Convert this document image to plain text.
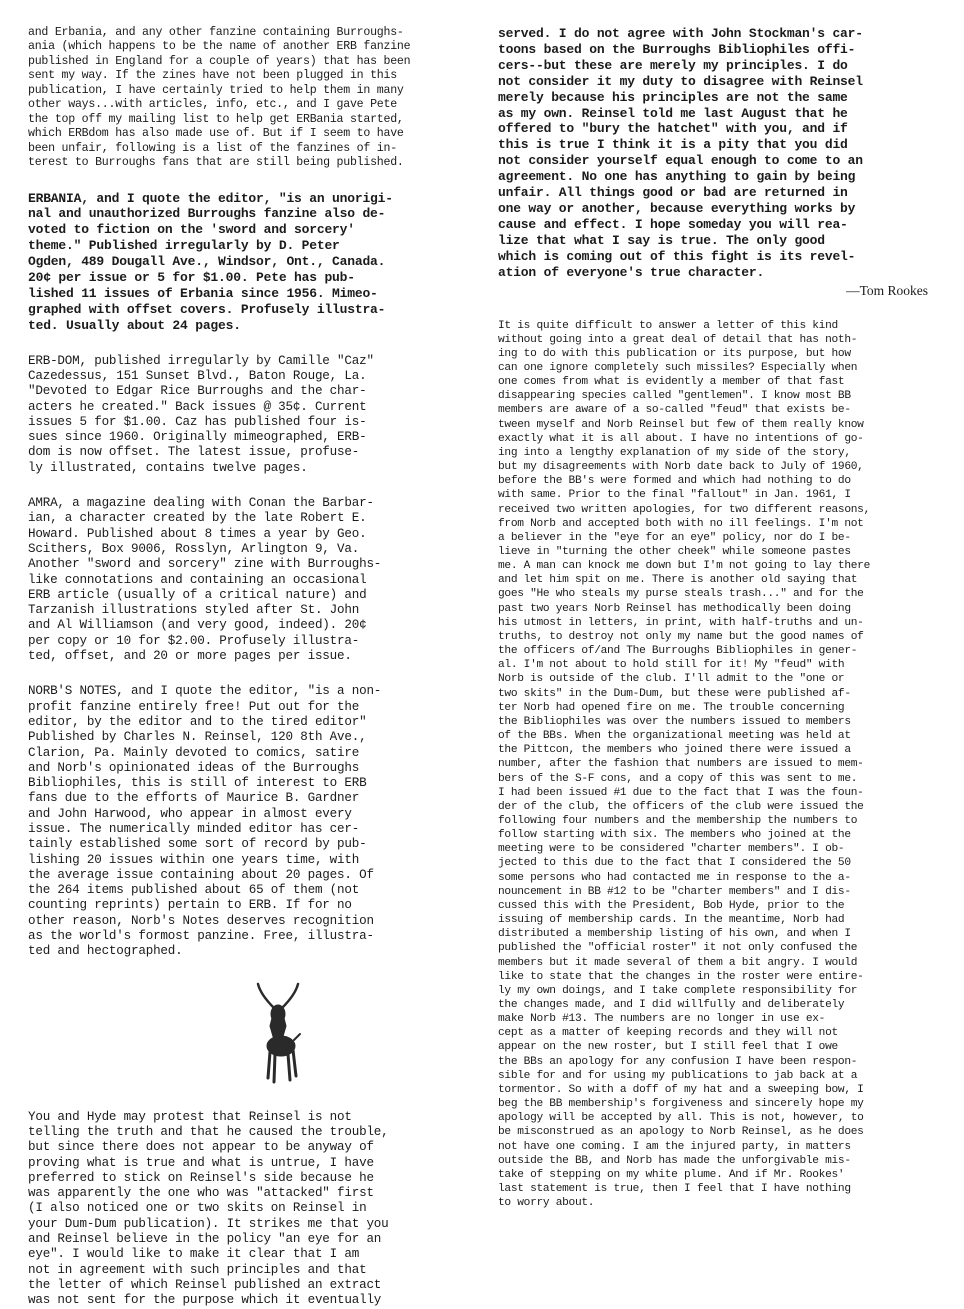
and Erbania, and any other fanzine containing Burroughs-
ania (which happens to be the name of another ERB fanzine
published in England for a couple of years) that has been
sent my way. If the zines have not been plugged in this
publication, I have certainly tried to help them in many
other ways...with articles, info, etc., and I gave Pete
the top off my mailing list to help get ERBania started,
which ERBdom has also made use of. But if I seem to have
been unfair, following is a list of the fanzines of in-
terest to Burroughs fans that are still being published.

ERBANIA, and I quote the editor, "is an unorigi-
nal and unauthorized Burroughs fanzine also de-
voted to fiction on the 'sword and sorcery'
theme." Published irregularly by D. Peter
Ogden, 489 Dougall Ave., Windsor, Ont., Canada.
20¢ per issue or 5 for $1.00. Pete has pub-
lished 11 issues of Erbania since 1956. Mimeo-
graphed with offset covers. Profusely illustra-
ted. Usually about 24 pages.

ERB-DOM, published irregularly by Camille "Caz"
Cazedessus, 151 Sunset Blvd., Baton Rouge, La.
"Devoted to Edgar Rice Burroughs and the char-
acters he created." Back issues @ 35¢. Current
issues 5 for $1.00. Caz has published four is-
sues since 1960. Originally mimeographed, ERB-
dom is now offset. The latest issue, profuse-
ly illustrated, contains twelve pages.

AMRA, a magazine dealing with Conan the Barbar-
ian, a character created by the late Robert E.
Howard. Published about 8 times a year by Geo.
Scithers, Box 9006, Rosslyn, Arlington 9, Va.
Another "sword and sorcery" zine with Burroughs-
like connotations and containing an occasional
ERB article (usually of a critical nature) and
Tarzanish illustrations styled after St. John
and Al Williamson (and very good, indeed). 20¢
per copy or 10 for $2.00. Profusely illustra-
ted, offset, and 20 or more pages per issue.

NORB'S NOTES, and I quote the editor, "is a non-
profit fanzine entirely free! Put out for the
editor, by the editor and to the tired editor"
Published by Charles N. Reinsel, 120 8th Ave.,
Clarion, Pa. Mainly devoted to comics, satire
and Norb's opinionated ideas of the Burroughs
Bibliophiles, this is still of interest to ERB
fans due to the efforts of Maurice B. Gardner
and John Harwood, who appear in almost every
issue. The numerically minded editor has cer-
tainly established some sort of record by pub-
lishing 20 issues within one years time, with
the average issue containing about 20 pages. Of
the 264 items published about 65 of them (not
counting reprints) pertain to ERB. If for no
other reason, Norb's Notes deserves recognition
as the world's formost panzine. Free, illustra-
ted and hectographed.

You and Hyde may protest that Reinsel is not
telling the truth and that he caused the trouble,
but since there does not appear to be anyway of
proving what is true and what is untrue, I have
preferred to stick on Reinsel's side because he
was apparently the one who was "attacked" first
(I also noticed one or two skits on Reinsel in
your Dum-Dum publication). It strikes me that you
and Reinsel believe in the policy "an eye for an
eye". I would like to make it clear that I am
not in agreement with such principles and that
the letter of which Reinsel published an extract
was not sent for the purpose which it eventually

served. I do not agree with John Stockman's car-
toons based on the Burroughs Bibliophiles offi-
cers--but these are merely my principles. I do
not consider it my duty to disagree with Reinsel
merely because his principles are not the same
as my own. Reinsel told me last August that he
offered to "bury the hatchet" with you, and if
this is true I think it is a pity that you did
not consider yourself equal enough to come to an
agreement. No one has anything to gain by being
unfair. All things good or bad are returned in
one way or another, because everything works by
cause and effect. I hope someday you will rea-
lize that what I say is true. The only good
which is coming out of this fight is its revel-
ation of everyone's true character.

—Tom Rookes

It is quite difficult to answer a letter of this kind
without going into a great deal of detail that has noth-
ing to do with this publication or its purpose, but how
can one ignore completely such missiles? Especially when
one comes from what is evidently a member of that fast
disappearing species called "gentlemen". I know most BB
members are aware of a so-called "feud" that exists be-
tween myself and Norb Reinsel but few of them really know
exactly what it is all about. I have no intentions of go-
ing into a lengthy explanation of my side of the story,
but my disagreements with Norb date back to July of 1960,
before the BB's were formed and which had nothing to do
with same. Prior to the final "fallout" in Jan. 1961, I
received two written apologies, for two different reasons,
from Norb and accepted both with no ill feelings. I'm not
a believer in the "eye for an eye" policy, nor do I be-
lieve in "turning the other cheek" while someone pastes
me. A man can knock me down but I'm not going to lay there
and let him spit on me. There is another old saying that
goes "He who steals my purse steals trash..." and for the
past two years Norb Reinsel has methodically been doing
his utmost in letters, in print, with half-truths and un-
truths, to destroy not only my name but the good names of
the officers of/and The Burroughs Bibliophiles in gener-
al. I'm not about to hold still for it! My "feud" with
Norb is outside of the club. I'll admit to the "one or
two skits" in the Dum-Dum, but these were published af-
ter Norb had opened fire on me. The trouble concerning
the Bibliophiles was over the numbers issued to members
of the BBs. When the organizational meeting was held at
the Pittcon, the members who joined there were issued a
number, after the fashion that numbers are issued to mem-
bers of the S-F cons, and a copy of this was sent to me.
I had been issued #1 due to the fact that I was the foun-
der of the club, the officers of the club were issued the
following four numbers and the membership the numbers to
follow starting with six. The members who joined at the
meeting were to be considered "charter members". I ob-
jected to this due to the fact that I considered the 50
some persons who had contacted me in response to the a-
nouncement in BB #12 to be "charter members" and I dis-
cussed this with the President, Bob Hyde, prior to the
issuing of membership cards. In the meantime, Norb had
distributed a membership listing of his own, and when I
published the "official roster" it not only confused the
members but it made several of them a bit angry. I would
like to state that the changes in the roster were entire-
ly my own doings, and I take complete responsibility for
the changes made, and I did willfully and deliberately
make Norb #13. The numbers are no longer in use ex-
cept as a matter of keeping records and they will not
appear on the new roster, but I still feel that I owe
the BBs an apology for any confusion I have been respon-
sible for and for using my publications to jab back at a
tormentor. So with a doff of my hat and a sweeping bow, I
beg the BB membership's forgiveness and sincerely hope my
apology will be accepted by all. This is not, however, to
be misconstrued as an apology to Norb Reinsel, as he does
not have one coming. I am the injured party, in matters
outside the BB, and Norb has made the unforgivable mis-
take of stepping on my white plume. And if Mr. Rookes'
last statement is true, then I feel that I have nothing
to worry about.
